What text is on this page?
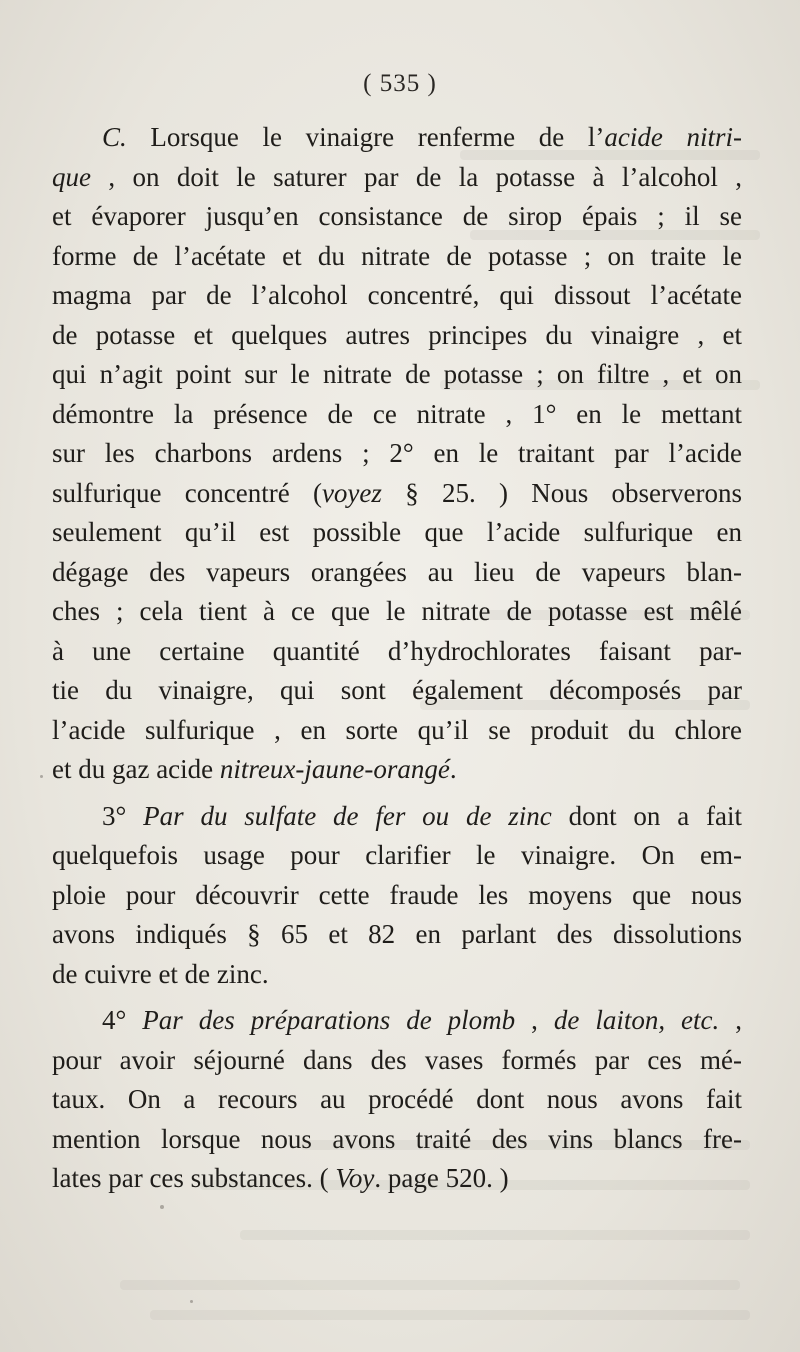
( 535 )
C. Lorsque le vinaigre renferme de l’acide nitri-
que , on doit le saturer par de la potasse à l’alcohol ,
et évaporer jusqu’en consistance de sirop épais ; il se
forme de l’acétate et du nitrate de potasse ; on traite le
magma par de l’alcohol concentré, qui dissout l’acétate
de potasse et quelques autres principes du vinaigre , et
qui n’agit point sur le nitrate de potasse ; on filtre , et on
démontre la présence de ce nitrate , 1° en le mettant
sur les charbons ardens ; 2° en le traitant par l’acide
sulfurique concentré (voyez § 25. ) Nous observerons
seulement qu’il est possible que l’acide sulfurique en
dégage des vapeurs orangées au lieu de vapeurs blan-
ches ; cela tient à ce que le nitrate de potasse est mêlé
à une certaine quantité d’hydrochlorates faisant par-
tie du vinaigre, qui sont également décomposés par
l’acide sulfurique , en sorte qu’il se produit du chlore
et du gaz acide nitreux-jaune-orangé.
3° Par du sulfate de fer ou de zinc dont on a fait
quelquefois usage pour clarifier le vinaigre. On em-
ploie pour découvrir cette fraude les moyens que nous
avons indiqués § 65 et 82 en parlant des dissolutions
de cuivre et de zinc.
4° Par des préparations de plomb , de laiton, etc. ,
pour avoir séjourné dans des vases formés par ces mé-
taux. On a recours au procédé dont nous avons fait
mention lorsque nous avons traité des vins blancs fre-
lates par ces substances. ( Voy. page 520. )
